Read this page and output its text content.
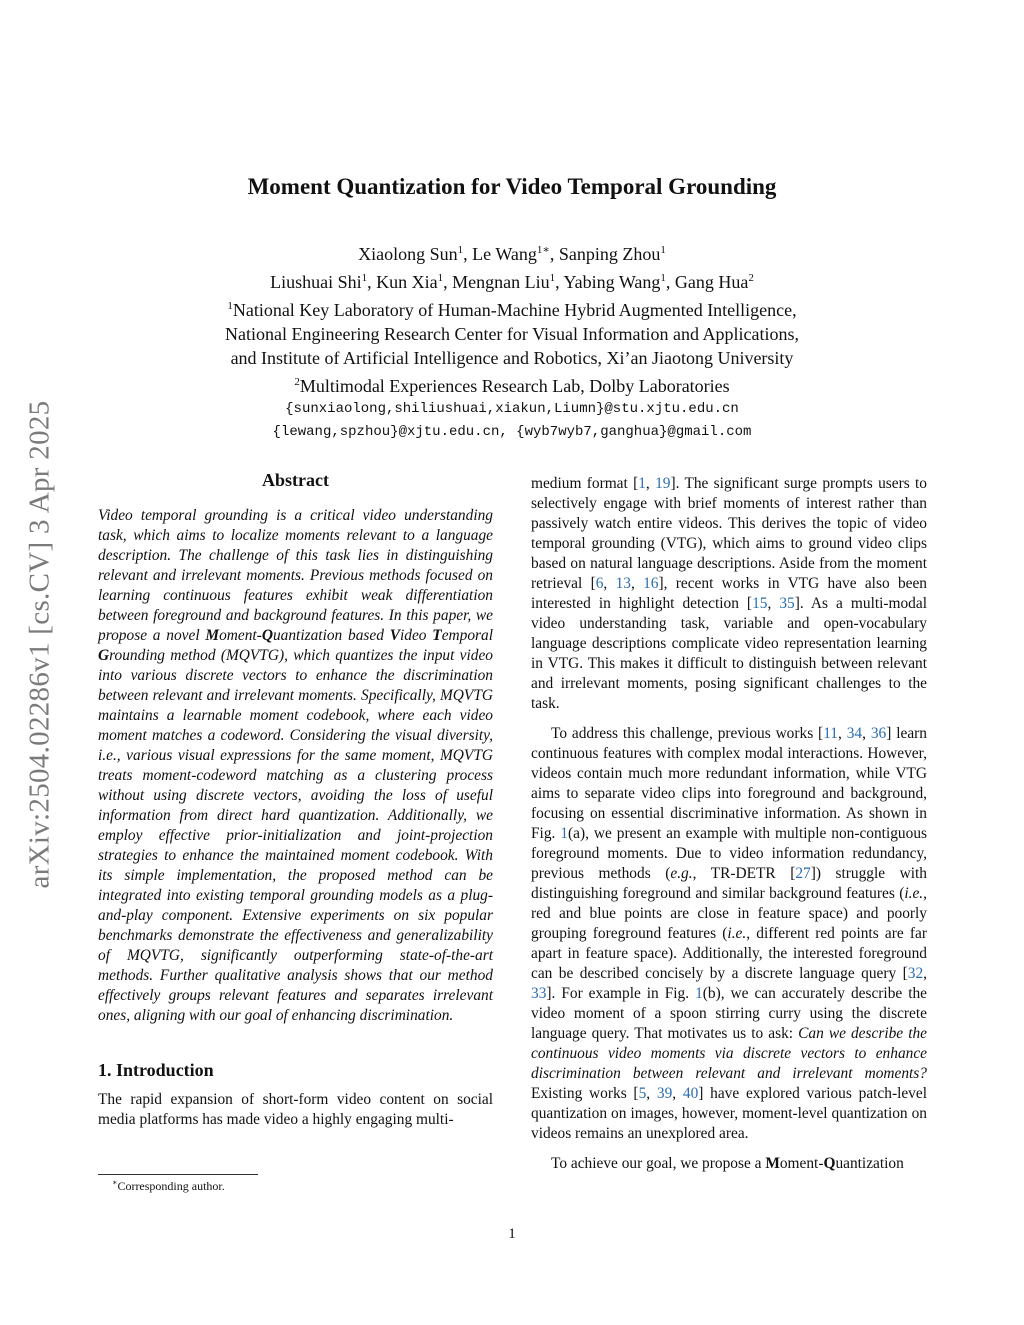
arXiv:2504.02286v1 [cs.CV] 3 Apr 2025
Moment Quantization for Video Temporal Grounding
Xiaolong Sun$^1$, Le Wang$^{1∗}$, Sanping Zhou$^1$
Liushuai Shi$^1$, Kun Xia$^1$, Mengnan Liu$^1$, Yabing Wang$^1$, Gang Hua$^2$
$^1$National Key Laboratory of Human-Machine Hybrid Augmented Intelligence,
National Engineering Research Center for Visual Information and Applications,
and Institute of Artificial Intelligence and Robotics, Xi’an Jiaotong University
$^2$Multimodal Experiences Research Lab, Dolby Laboratories
{sunxiaolong,shiliushuai,xiakun,Liumn}@stu.xjtu.edu.cn
{lewang,spzhou}@xjtu.edu.cn, {wyb7wyb7,ganghua}@gmail.com
Abstract

Video temporal grounding is a critical video understanding task, which aims to localize moments relevant to a language description. The challenge of this task lies in distinguishing relevant and irrelevant moments. Previous methods focused on learning continuous features exhibit weak differentiation between foreground and background features. In this paper, we propose a novel Moment-Quantization based Video Temporal Grounding method (MQVTG), which quantizes the input video into various discrete vectors to enhance the discrimination between relevant and irrelevant moments. Specifically, MQVTG maintains a learnable moment codebook, where each video moment matches a codeword. Considering the visual diversity, i.e., various visual expressions for the same moment, MQVTG treats moment-codeword matching as a clustering process without using discrete vectors, avoiding the loss of useful information from direct hard quantization. Additionally, we employ effective prior-initialization and joint-projection strategies to enhance the maintained moment codebook. With its simple implementation, the proposed method can be integrated into existing temporal grounding models as a plug-and-play component. Extensive experiments on six popular benchmarks demonstrate the effectiveness and generalizability of MQVTG, significantly outperforming state-of-the-art methods. Further qualitative analysis shows that our method effectively groups relevant features and separates irrelevant ones, aligning with our goal of enhancing discrimination.

1. Introduction

The rapid expansion of short-form video content on social media platforms has made video a highly engaging multi-

medium format [1, 19]. The significant surge prompts users to selectively engage with brief moments of interest rather than passively watch entire videos. This derives the topic of video temporal grounding (VTG), which aims to ground video clips based on natural language descriptions. Aside from the moment retrieval [6, 13, 16], recent works in VTG have also been interested in highlight detection [15, 35]. As a multi-modal video understanding task, variable and open-vocabulary language descriptions complicate video representation learning in VTG. This makes it difficult to distinguish between relevant and irrelevant moments, posing significant challenges to the task.

To address this challenge, previous works [11, 34, 36] learn continuous features with complex modal interactions. However, videos contain much more redundant information, while VTG aims to separate video clips into foreground and background, focusing on essential discriminative information. As shown in Fig. 1(a), we present an example with multiple non-contiguous foreground moments. Due to video information redundancy, previous methods (e.g., TR-DETR [27]) struggle with distinguishing foreground and similar background features (i.e., red and blue points are close in feature space) and poorly grouping foreground features (i.e., different red points are far apart in feature space). Additionally, the interested foreground can be described concisely by a discrete language query [32, 33]. For example in Fig. 1(b), we can accurately describe the video moment of a spoon stirring curry using the discrete language query. That motivates us to ask: Can we describe the continuous video moments via discrete vectors to enhance discrimination between relevant and irrelevant moments? Existing works [5, 39, 40] have explored various patch-level quantization on images, however, moment-level quantization on videos remains an unexplored area.

To achieve our goal, we propose a Moment-Quantization

∗Corresponding author.
1
